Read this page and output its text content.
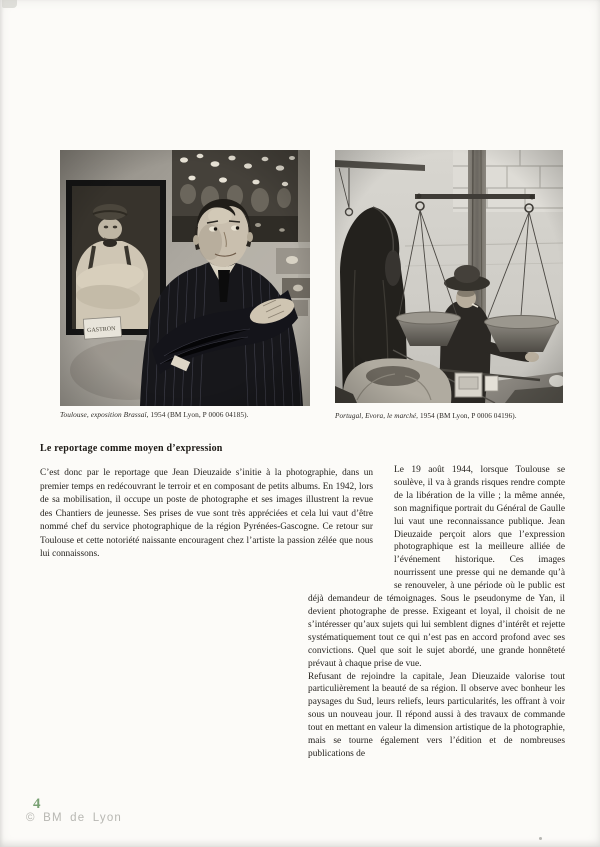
Toulouse, exposition Brassaï, 1954 (BM Lyon, P 0006 04185).	Portugal, Evora, le marché, 1954 (BM Lyon, P 0006 04196).
Le reportage comme moyen d’expression

C’est donc par le reportage que Jean Dieuzaide s’initie à la photographie, dans un premier temps en redécouvrant le terroir et en composant de petits albums. En 1942, lors de sa mobilisation, il occupe un poste de photographe et ses images illustrent la revue des Chantiers de jeunesse. Ses prises de vue sont très appréciées et cela lui vaut d’être nommé chef du service photographique de la région Pyrénées-Gascogne. Ce retour sur Toulouse et cette notoriété naissante encouragent chez l’artiste la passion zélée que nous lui connaissons.

Le 19 août 1944, lorsque Toulouse se soulève, il va à grands risques rendre compte de la libération de la ville ; la même année, son magnifique portrait du Général de Gaulle lui vaut une reconnaissance publique. Jean Dieuzaide perçoit alors que l’expression photographique est la meilleure alliée de l’événement historique. Ces images nourrissent une presse qui ne demande qu’à se renouveler, à une période où le public est déjà demandeur de témoignages. Sous le pseudonyme de Yan, il devient photographe de presse. Exigeant et loyal, il choisit de ne s’intéresser qu’aux sujets qui lui semblent dignes d’intérêt et rejette systématiquement tout ce qui n’est pas en accord profond avec ses convictions. Quel que soit le sujet abordé, une grande honnêteté prévaut à chaque prise de vue.

Refusant de rejoindre la capitale, Jean Dieuzaide valorise tout particulièrement la beauté de sa région. Il observe avec bonheur les paysages du Sud, leurs reliefs, leurs particularités, les offrant à voir sous un nouveau jour. Il répond aussi à des travaux de commande tout en mettant en valeur la dimension artistique de la photographie, mais se tourne également vers l’édition et de nombreuses publications de

4
© BM de Lyon
